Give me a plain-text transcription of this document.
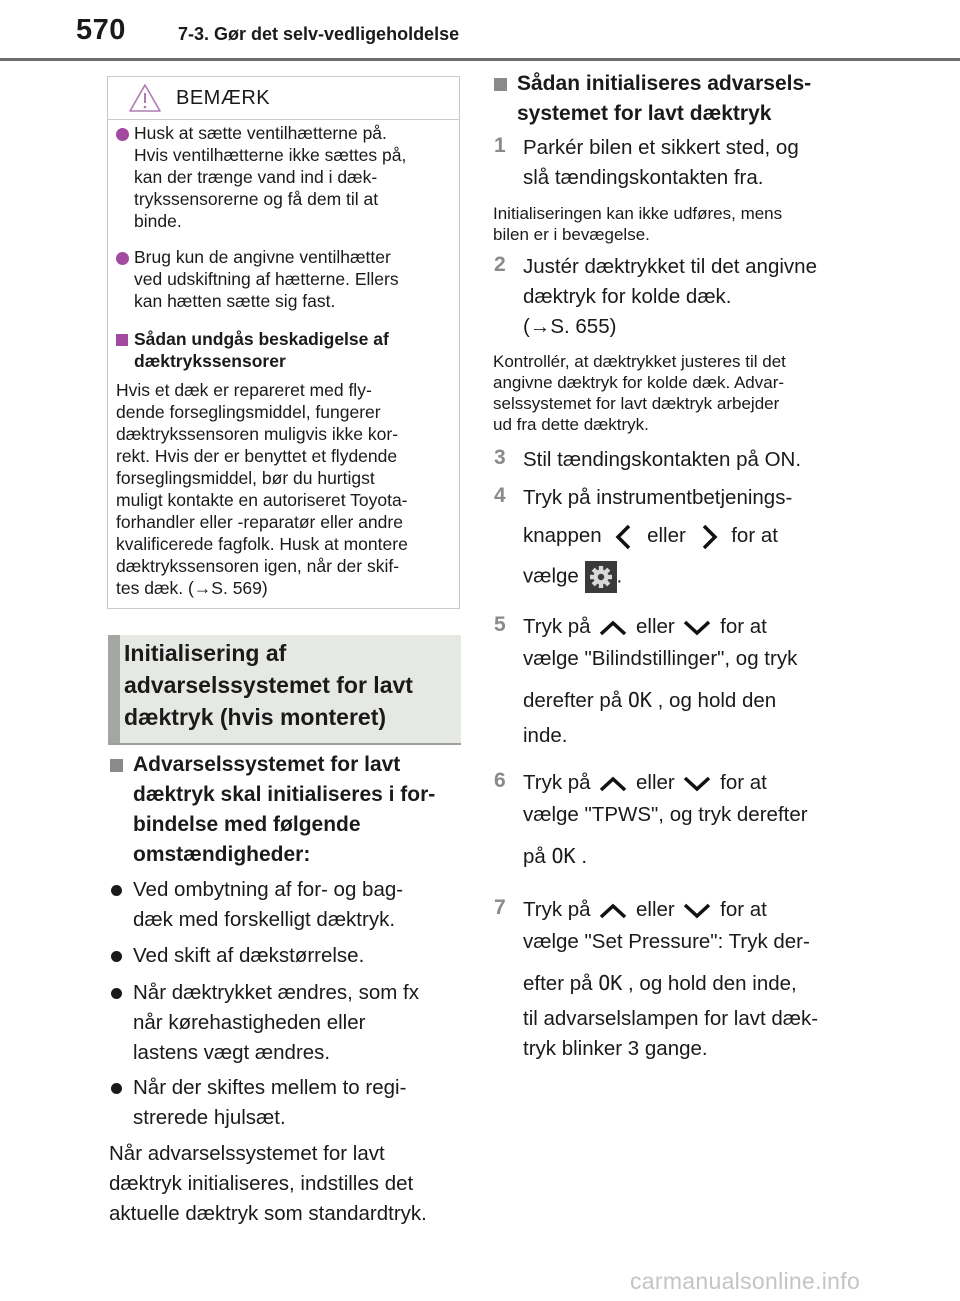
570	7-3. Gør det selv-vedligeholdelse
BEMÆRK
Husk at sætte ventilhætterne på.
Hvis ventilhætterne ikke sættes på,
kan der trænge vand ind i dæk-
trykssensorerne og få dem til at
binde.
Brug kun de angivne ventilhætter
ved udskiftning af hætterne. Ellers
kan hætten sætte sig fast.
Sådan undgås beskadigelse af
dæktrykssensorer
Hvis et dæk er repareret med fly-
dende forseglingsmiddel, fungerer
dæktrykssensoren muligvis ikke kor-
rekt. Hvis der er benyttet et flydende
forseglingsmiddel, bør du hurtigst
muligt kontakte en autoriseret Toyota-
forhandler eller -reparatør eller andre
kvalificerede fagfolk. Husk at montere
dæktrykssensoren igen, når der skif-
tes dæk. (→S. 569)
Initialisering af
advarselssystemet for lavt
dæktryk (hvis monteret)
Advarselssystemet for lavt
dæktryk skal initialiseres i for-
bindelse med følgende
omstændigheder:
Ved ombytning af for- og bag-
dæk med forskelligt dæktryk.
Ved skift af dækstørrelse.
Når dæktrykket ændres, som fx
når kørehastigheden eller
lastens vægt ændres.
Når der skiftes mellem to regi-
strerede hjulsæt.
Når advarselssystemet for lavt
dæktryk initialiseres, indstilles det
aktuelle dæktryk som standardtryk.
Sådan initialiseres advarsels-
systemet for lavt dæktryk
1 Parkér bilen et sikkert sted, og
slå tændingskontakten fra.
Initialiseringen kan ikke udføres, mens
bilen er i bevægelse.
2 Justér dæktrykket til det angivne
dæktryk for kolde dæk.
(→S. 655)
Kontrollér, at dæktrykket justeres til det
angivne dæktryk for kolde dæk. Advar-
selssystemet for lavt dæktryk arbejder
ud fra dette dæktryk.
3 Stil tændingskontakten på ON.
4 Tryk på instrumentbetjenings-
knappen eller for at
vælge .
5 Tryk på eller for at
vælge "Bilindstillinger", og tryk
derefter på OK , og hold den
inde.
6 Tryk på eller for at
vælge "TPWS", og tryk derefter
på OK .
7 Tryk på eller for at
vælge "Set Pressure": Tryk der-
efter på OK , og hold den inde,
til advarselslampen for lavt dæk-
tryk blinker 3 gange.
carmanualsonline.info
